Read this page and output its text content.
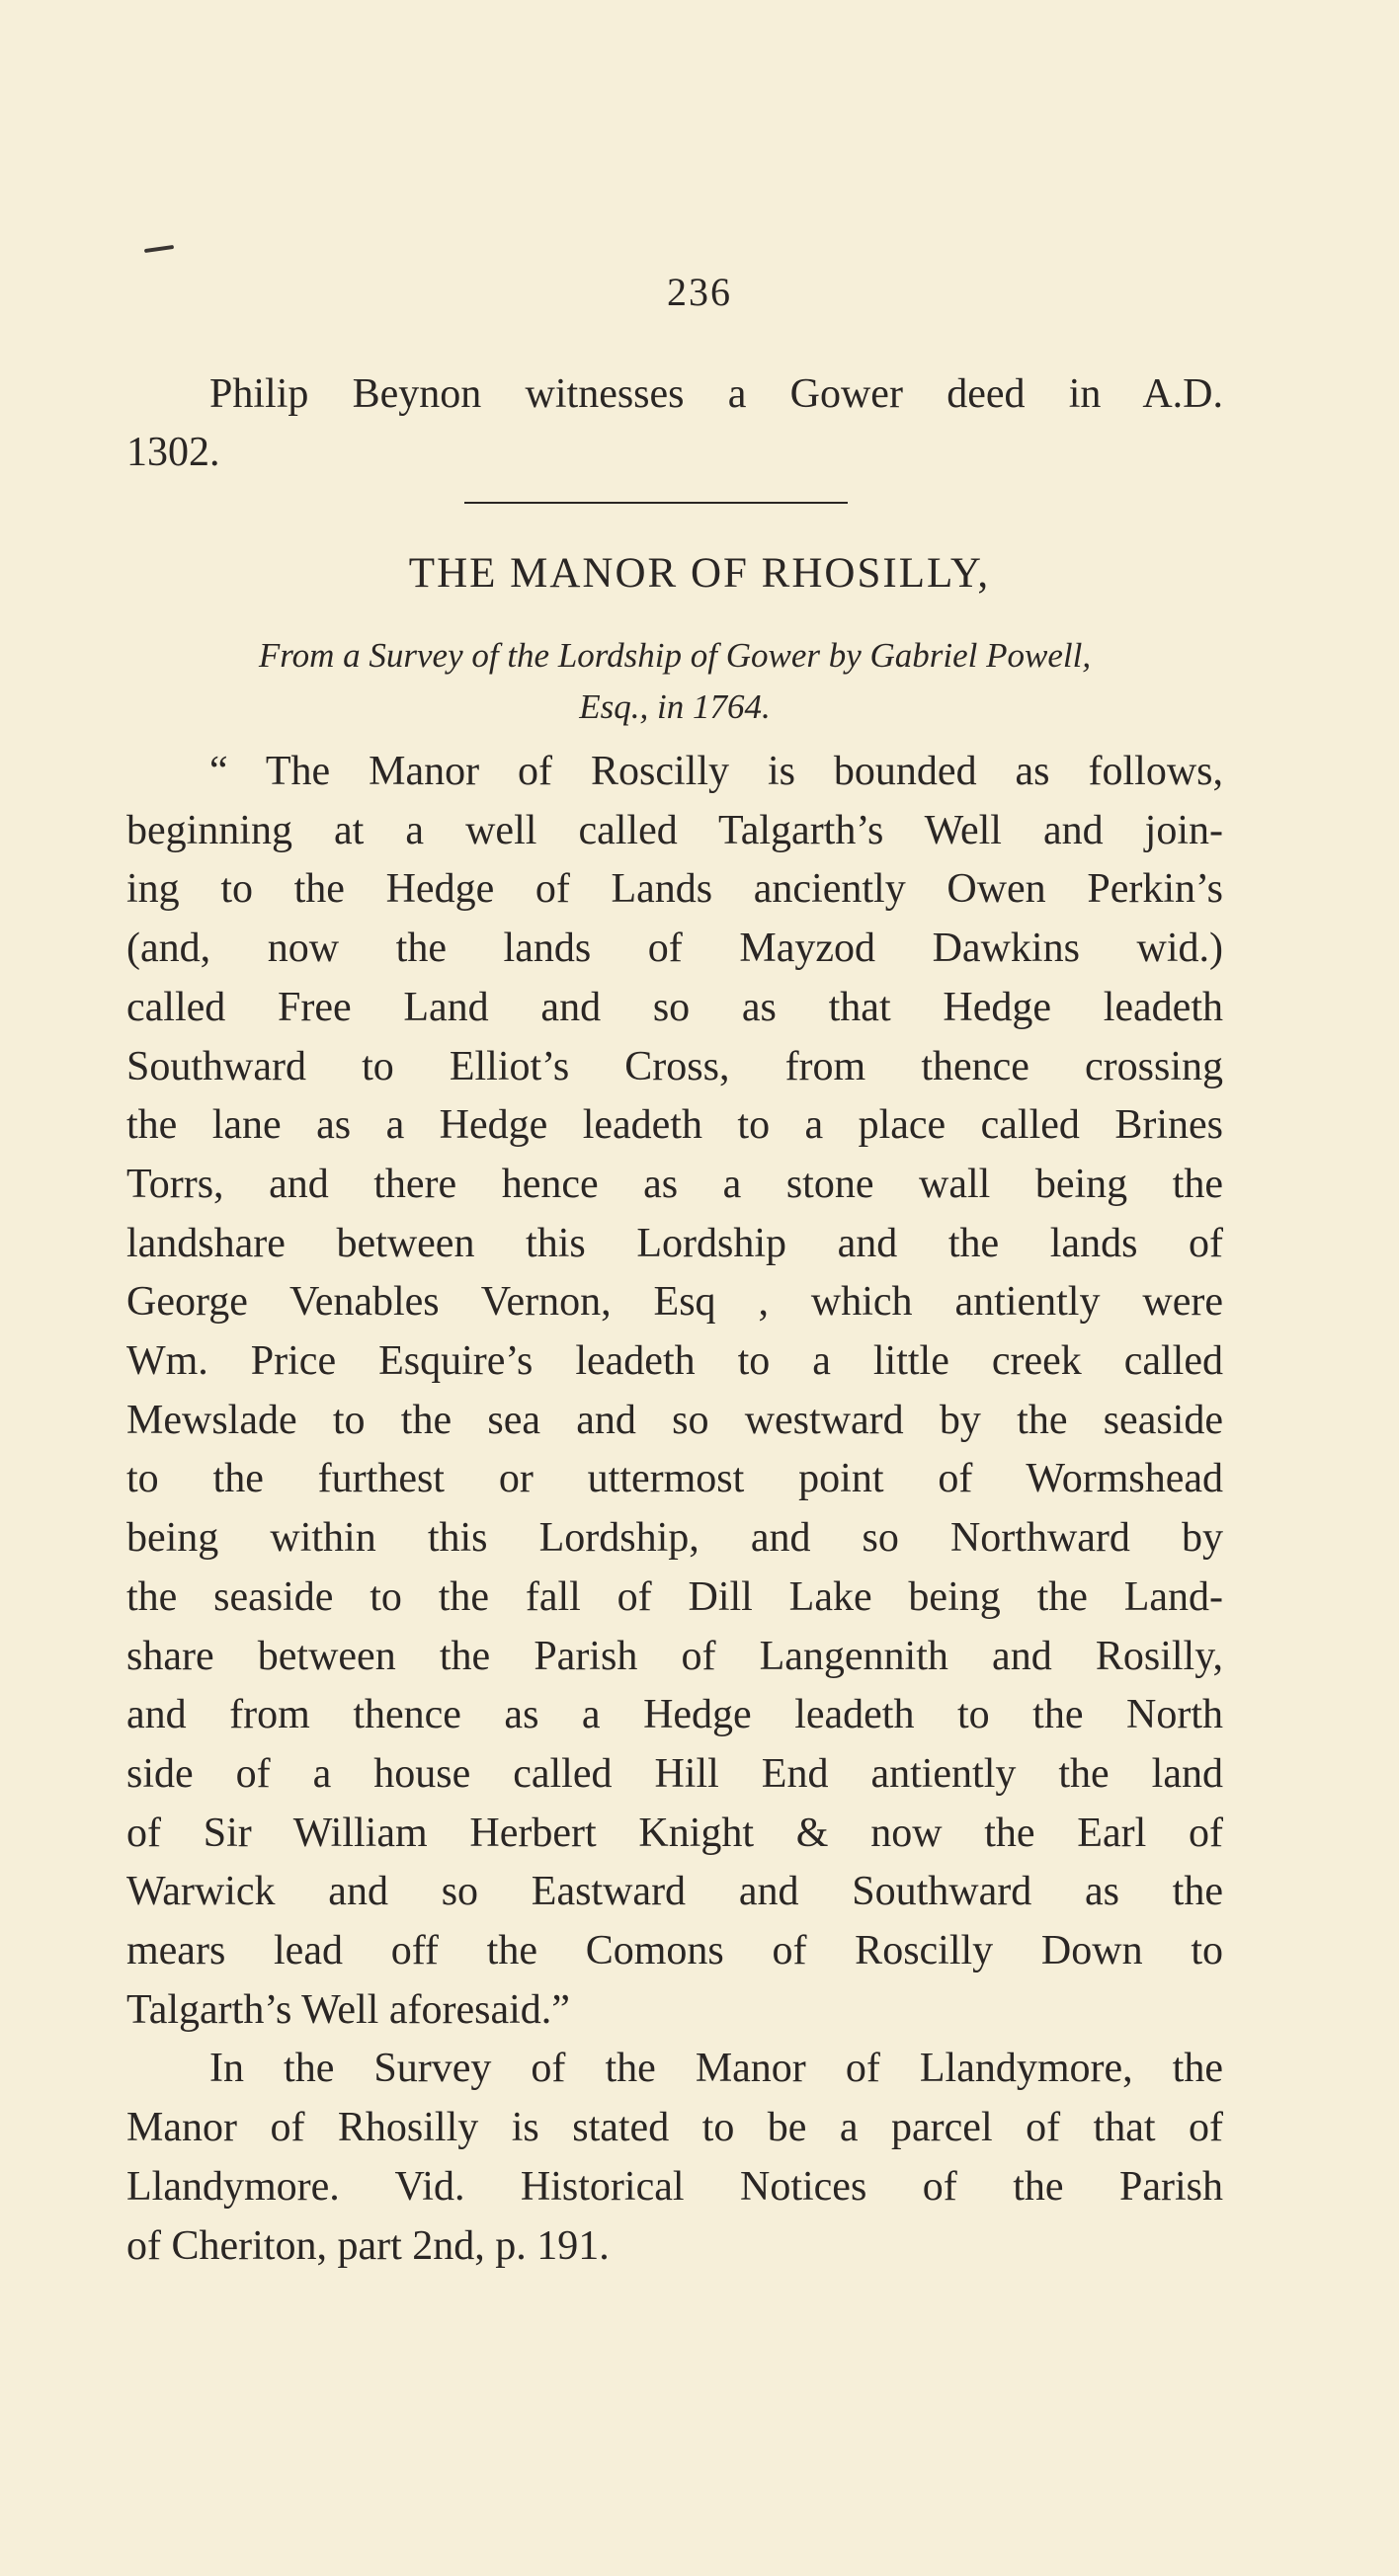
236
Philip Beynon witnesses a Gower deed in A.D.
1302.
THE MANOR OF RHOSILLY,
From a Survey of the Lordship of Gower by Gabriel Powell,
Esq., in 1764.
“ The Manor of Roscilly is bounded as follows,
beginning at a well called Talgarth’s Well and join-
ing to the Hedge of Lands anciently Owen Perkin’s
(and, now the lands of Mayzod Dawkins wid.)
called Free Land and so as that Hedge leadeth
Southward to Elliot’s Cross, from thence crossing
the lane as a Hedge leadeth to a place called Brines
Torrs, and there hence as a stone wall being the
landshare between this Lordship and the lands of
George Venables Vernon, Esq , which antiently were
Wm. Price Esquire’s leadeth to a little creek called
Mewslade to the sea and so westward by the seaside
to the furthest or uttermost point of Wormshead
being within this Lordship, and so Northward by
the seaside to the fall of Dill Lake being the Land-
share between the Parish of Langennith and Rosilly,
and from thence as a Hedge leadeth to the North
side of a house called Hill End antiently the land
of Sir William Herbert Knight & now the Earl of
Warwick and so Eastward and Southward as the
mears lead off the Comons of Roscilly Down to
Talgarth’s Well aforesaid.”
In the Survey of the Manor of Llandymore, the
Manor of Rhosilly is stated to be a parcel of that of
Llandymore. Vid. Historical Notices of the Parish
of Cheriton, part 2nd, p. 191.
